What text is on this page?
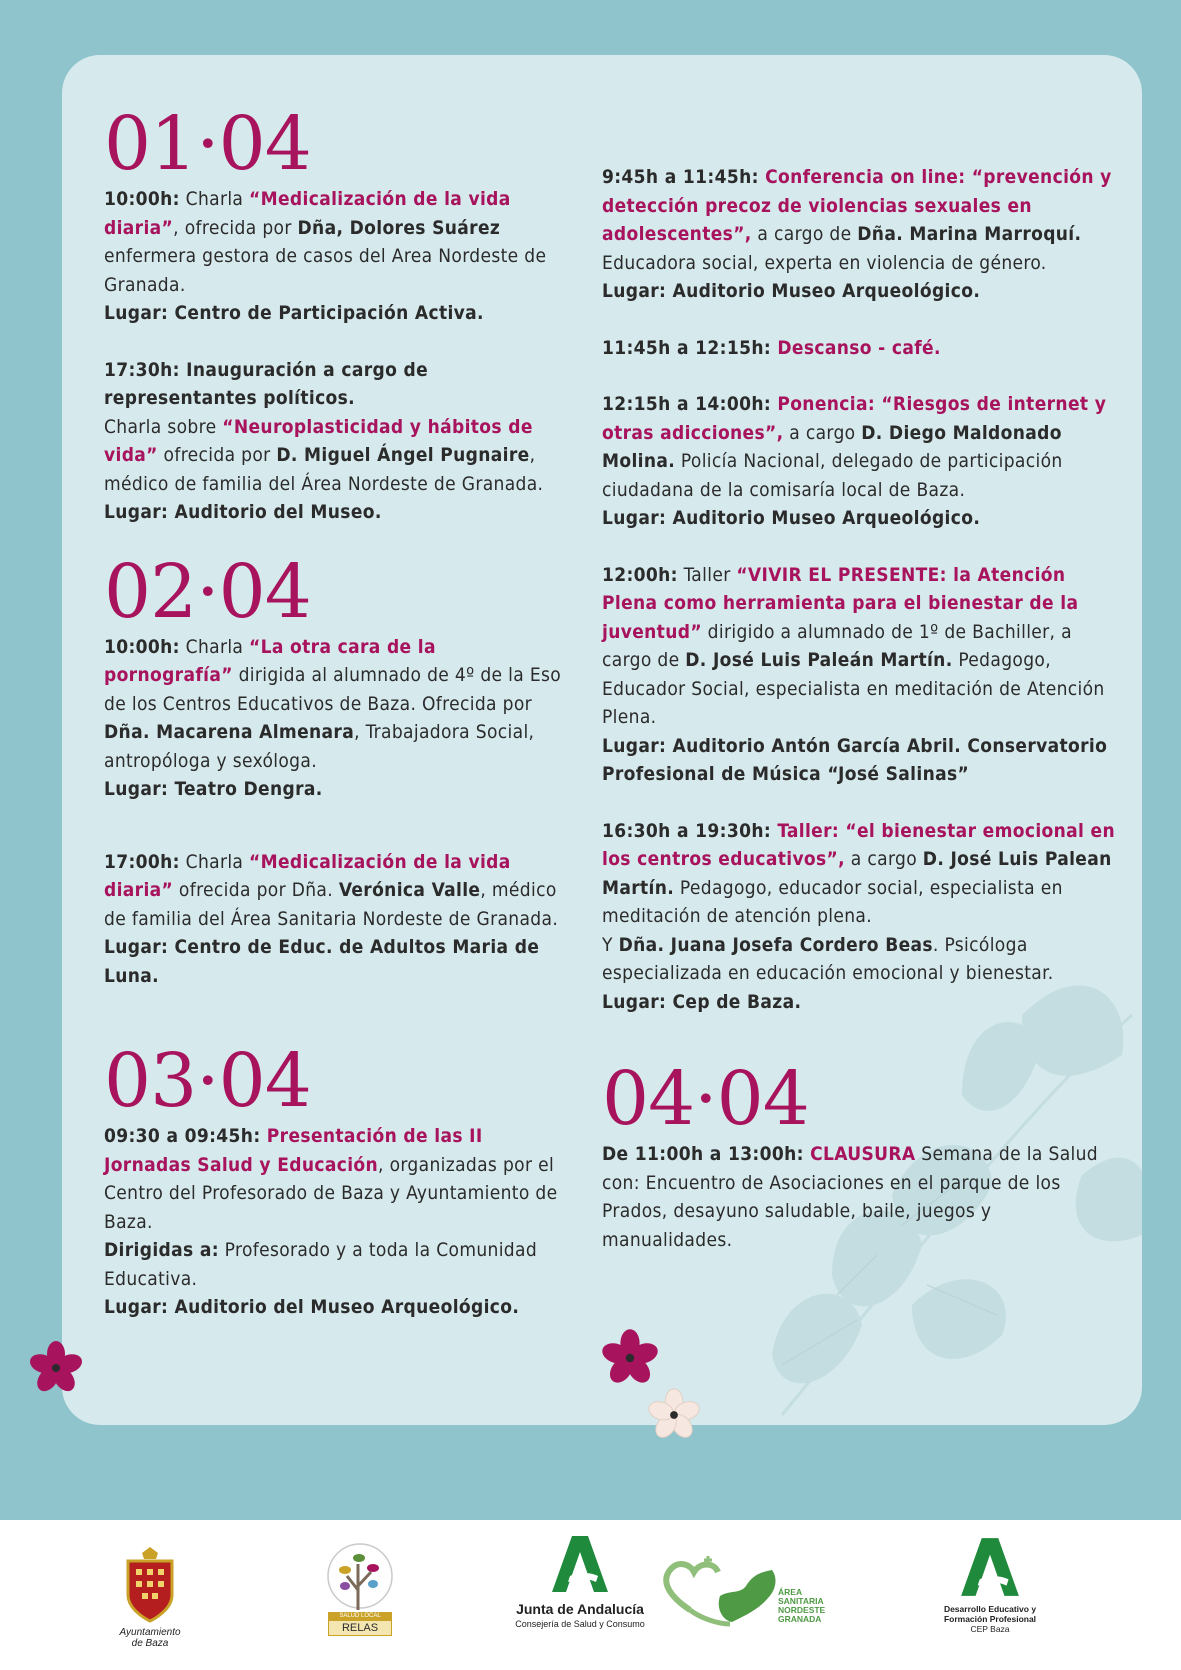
01·04

10:00h: Charla “Medicalización de la vida diaria”, ofrecida por Dña, Dolores Suárez enfermera gestora de casos del Area Nordeste de Granada.

Lugar: Centro de Participación Activa.

17:30h: Inauguración a cargo de representantes políticos.

Charla sobre “Neuroplasticidad y hábitos de vida” ofrecida por D. Miguel Ángel Pugnaire, médico de familia del Área Nordeste de Granada.

Lugar: Auditorio del Museo.

02·04

10:00h: Charla “La otra cara de la pornografía” dirigida al alumnado de 4º de la Eso de los Centros Educativos de Baza. Ofrecida por Dña. Macarena Almenara, Trabajadora Social, antropóloga y sexóloga.

Lugar: Teatro Dengra.

17:00h: Charla “Medicalización de la vida diaria” ofrecida por Dña. Verónica Valle, médico de familia del Área Sanitaria Nordeste de Granada.

Lugar: Centro de Educ. de Adultos Maria de Luna.

03·04

09:30 a 09:45h: Presentación de las II Jornadas Salud y Educación, organizadas por el Centro del Profesorado de Baza y Ayuntamiento de Baza.

Dirigidas a: Profesorado y a toda la Comunidad Educativa.

Lugar: Auditorio del Museo Arqueológico.

9:45h a 11:45h: Conferencia on line: “prevención y detección precoz de violencias sexuales en adolescentes”, a cargo de Dña. Marina Marroquí.

Educadora social, experta en violencia de género.

Lugar: Auditorio Museo Arqueológico.

11:45h a 12:15h: Descanso - café.

12:15h a 14:00h: Ponencia: “Riesgos de internet y otras adicciones”, a cargo D. Diego Maldonado Molina. Policía Nacional, delegado de participación ciudadana de la comisaría local de Baza.

Lugar: Auditorio Museo Arqueológico.

12:00h: Taller “VIVIR EL PRESENTE: la Atención Plena como herramienta para el bienestar de la juventud” dirigido a alumnado de 1º de Bachiller, a cargo de D. José Luis Paleán Martín. Pedagogo, Educador Social, especialista en meditación de Atención Plena.

Lugar: Auditorio Antón García Abril. Conservatorio Profesional de Música “José Salinas”

16:30h a 19:30h: Taller: “el bienestar emocional en los centros educativos”, a cargo D. José Luis Palean Martín. Pedagogo, educador social, especialista en meditación de atención plena.

Y Dña. Juana Josefa Cordero Beas. Psicóloga especializada en educación emocional y bienestar.

Lugar: Cep de Baza.

04·04

De 11:00h a 13:00h: CLAUSURA Semana de la Salud con: Encuentro de Asociaciones en el parque de los Prados, desayuno saludable, baile, juegos y manualidades.

Ayuntamiento
de Baza
SALUD LOCAL
RELAS
Junta de Andalucía
Consejería de Salud y Consumo
ÁREA
SANITARIA
NORDESTE
GRANADA
Desarrollo Educativo y
Formación Profesional
CEP Baza
